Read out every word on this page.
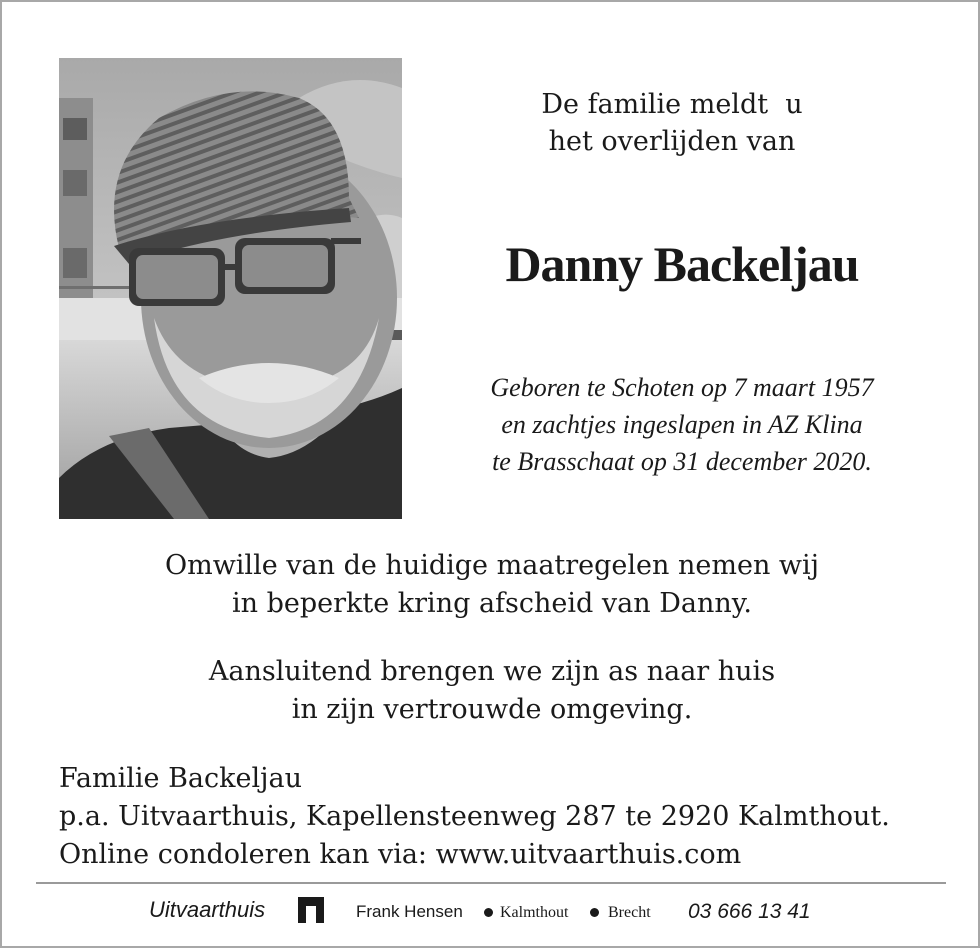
De familie meldt  u
het overlijden van
Danny Backeljau
Geboren te Schoten op 7 maart 1957
en zachtjes ingeslapen in AZ Klina
te Brasschaat op 31 december 2020.
Omwille van de huidige maatregelen nemen wij
in beperkte kring afscheid van Danny.
Aansluitend brengen we zijn as naar huis
in zijn vertrouwde omgeving.
Familie Backeljau
p.a. Uitvaarthuis, Kapellensteenweg 287 te 2920 Kalmthout.
Online condoleren kan via: www.uitvaarthuis.com
Uitvaarthuis	Frank Hensen Kalmthout Brecht 03 666 13 41
